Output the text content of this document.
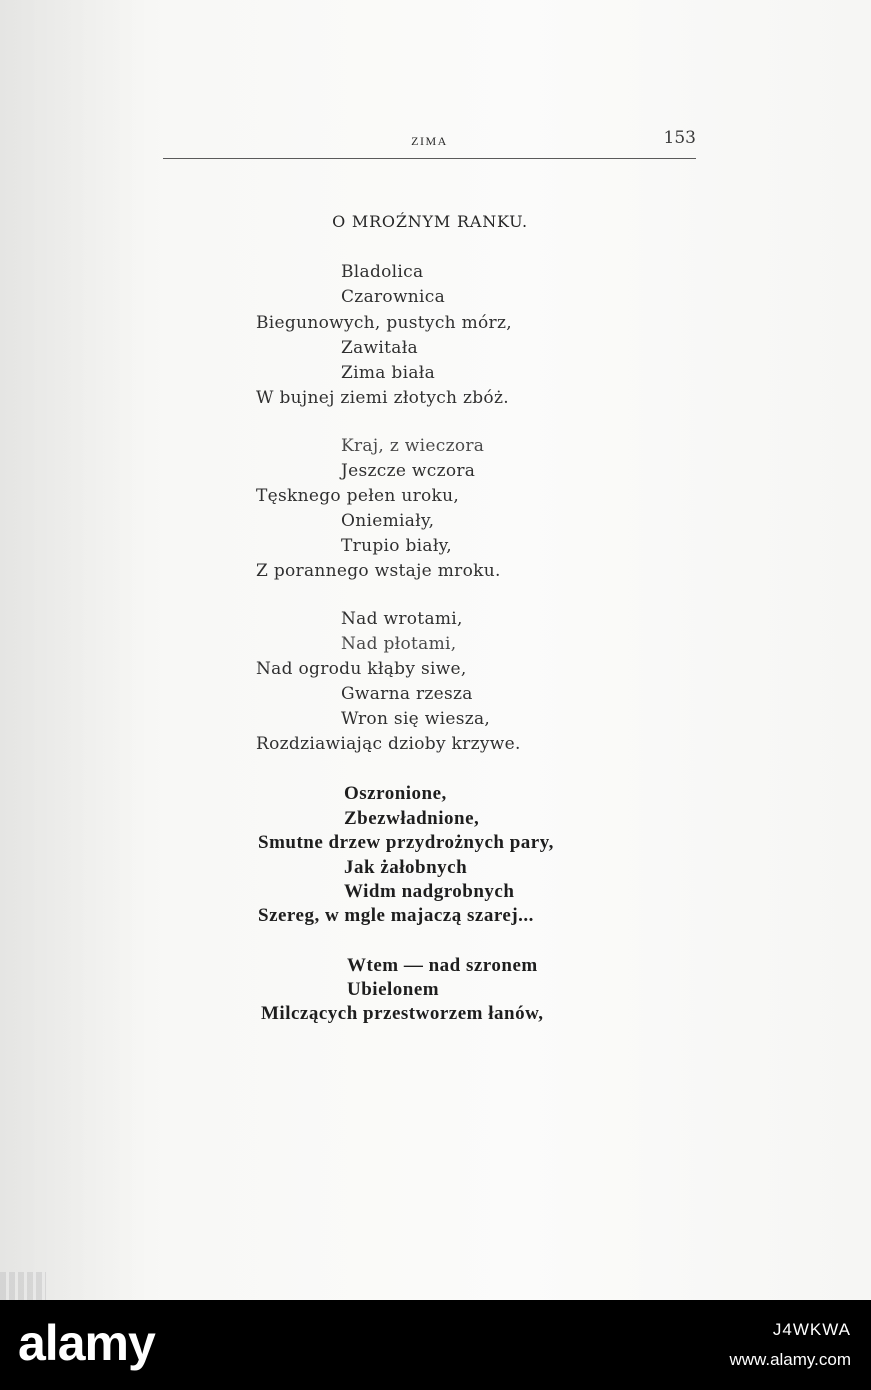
ZIMA	153
O MROŹNYM RANKU.
Bladolica
Czarownica
Biegunowych, pustych mórz,
Zawitała
Zima biała
W bujnej ziemi złotych zbóż.
Kraj, z wieczora
Jeszcze wczora
Tęsknego pełen uroku,
Oniemiały,
Trupio biały,
Z porannego wstaje mroku.
Nad wrotami,
Nad płotami,
Nad ogrodu kłąby siwe,
Gwarna rzesza
Wron się wiesza,
Rozdziawiając dzioby krzywe.
Oszronione,
Zbezwładnione,
Smutne drzew przydrożnych pary,
Jak żałobnych
Widm nadgrobnych
Szereg, w mgle majaczą szarej...
Wtem — nad szronem
Ubielonem
Milczących przestworzem łanów,
alamy	J4WKWA
www.alamy.com
